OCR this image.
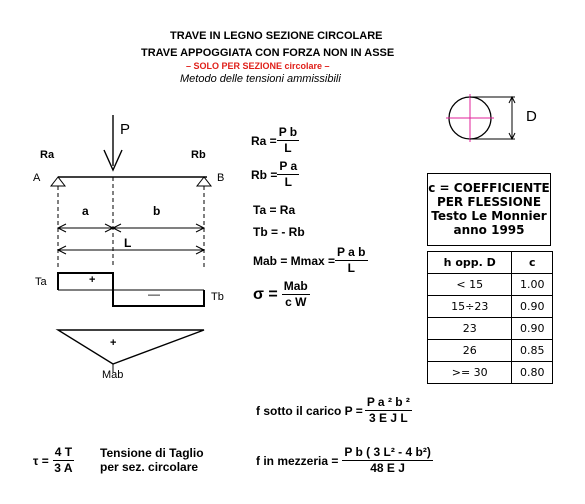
TRAVE IN LEGNO SEZIONE CIRCOLARE
TRAVE APPOGGIATA CON FORZA NON IN ASSE
– SOLO PER SEZIONE circolare –
Metodo delle tensioni ammissibili
P
Ra	Rb
A	B
a	b
L
Ta
Tb
+
—
+
Mab
D
$Ra = \frac{\text{P b}}{L}$
$Rb = \frac{\text{P a}}{L}$
Ta = Ra
Tb = - Rb
Mab = $Mmax = \frac{\text{P a b}}{L}$
$\sigma = \frac{\text{Mab}}{\text{c W}}$
f sotto il carico $P = \frac{\text{P a ² b ²}}{\text{3 E J L}}$
f in mezzeria = $\frac{\text{P b ( 3 L² - 4 b²)}}{\text{48 E J}}$
$\tau = \frac{4 T}{3 A}$ Tensione di Taglio
per sez. circolare
c = COEFFICIENTE
PER FLESSIONE
Testo Le Monnier
anno 1995
h opp. D	c
< 15	1.00
15÷23	0.90
23	0.90
26	0.85
>= 30	0.80
